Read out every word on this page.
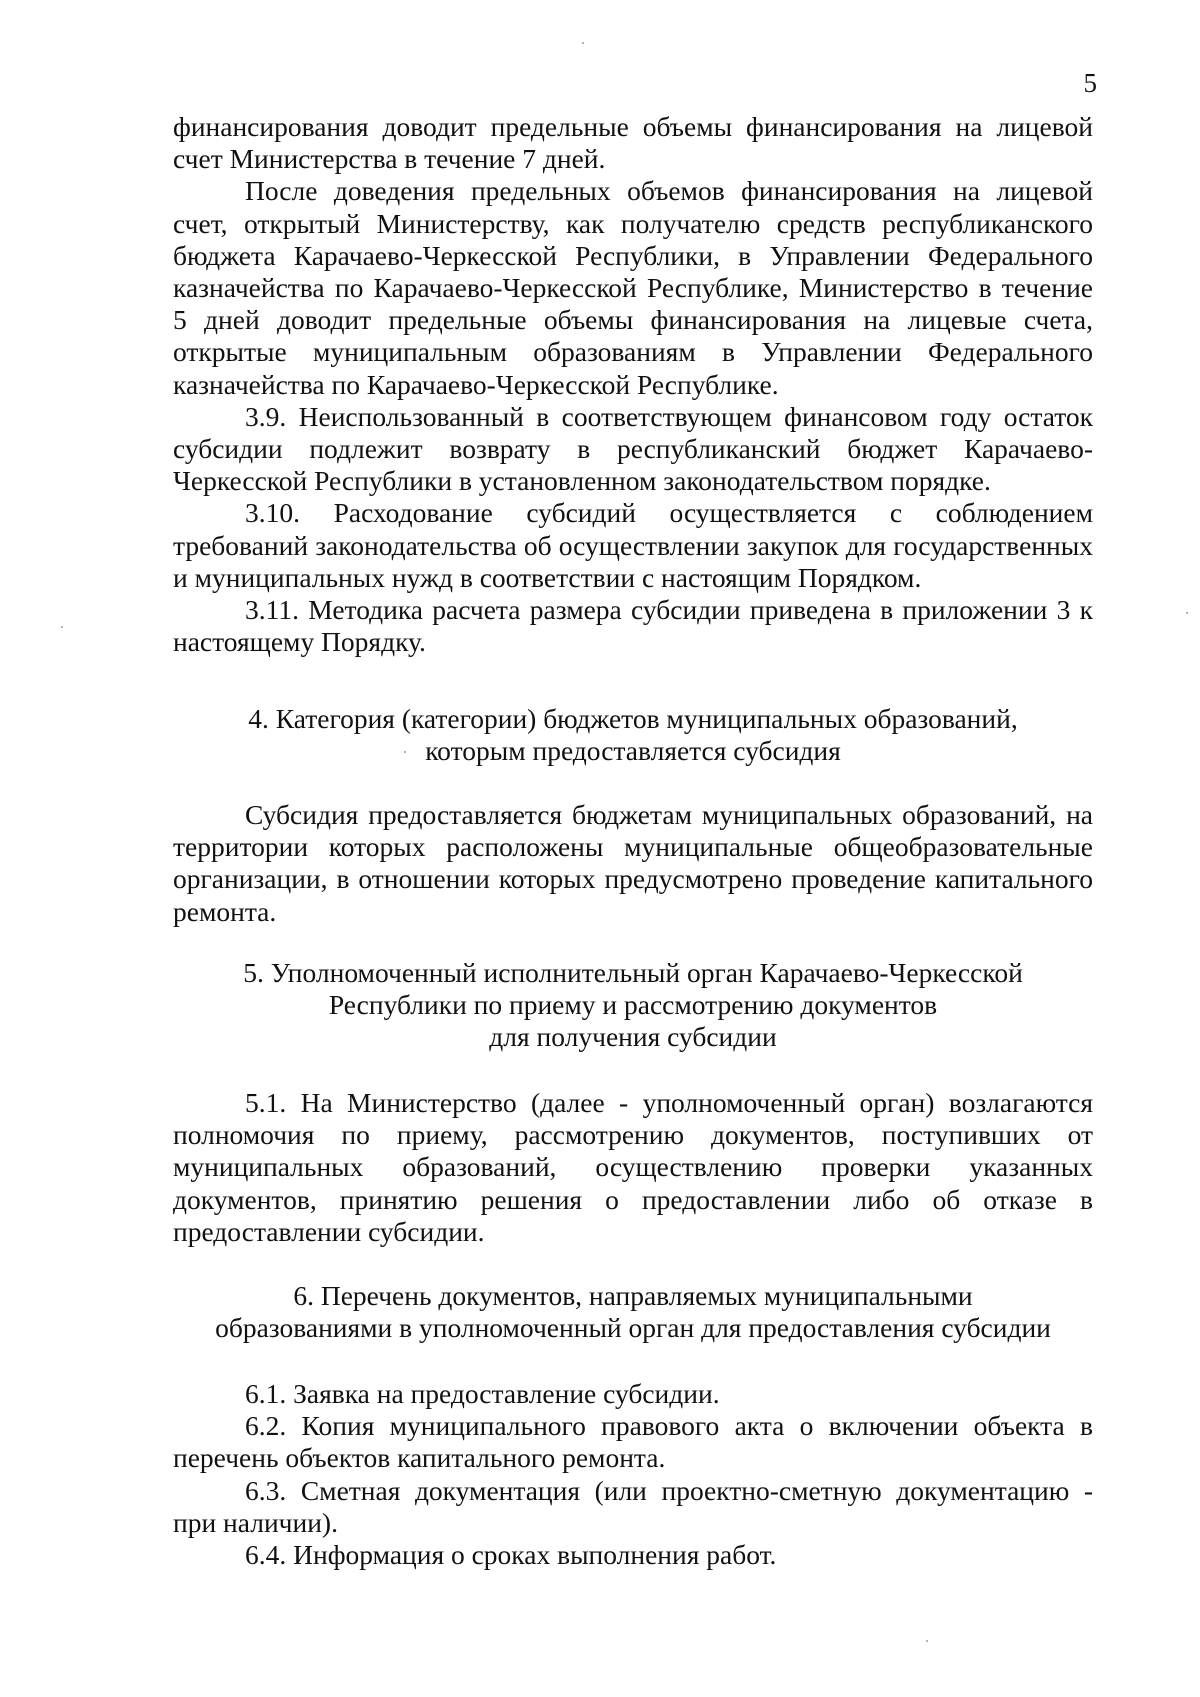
5

финансирования доводит предельные объемы финансирования на лицевой счет Министерства в течение 7 дней.

После доведения предельных объемов финансирования на лицевой счет, открытый Министерству, как получателю средств республиканского бюджета Карачаево-Черкесской Республики, в Управлении Федерального казначейства по Карачаево-Черкесской Республике, Министерство в течение 5 дней доводит предельные объемы финансирования на лицевые счета, открытые муниципальным образованиям в Управлении Федерального казначейства по Карачаево-Черкесской Республике.

3.9. Неиспользованный в соответствующем финансовом году остаток субсидии подлежит возврату в республиканский бюджет Карачаево-Черкесской Республики в установленном законодательством порядке.

3.10. Расходование субсидий осуществляется с соблюдением требований законодательства об осуществлении закупок для государственных и муниципальных нужд в соответствии с настоящим Порядком.

3.11. Методика расчета размера субсидии приведена в приложении 3 к настоящему Порядку.

4. Категория (категории) бюджетов муниципальных образований,

которым предоставляется субсидия

Субсидия предоставляется бюджетам муниципальных образований, на территории которых расположены муниципальные общеобразовательные организации, в отношении которых предусмотрено проведение капитального ремонта.

5. Уполномоченный исполнительный орган Карачаево-Черкесской

Республики по приему и рассмотрению документов

для получения субсидии

5.1. На Министерство (далее - уполномоченный орган) возлагаются полномочия по приему, рассмотрению документов, поступивших от муниципальных образований, осуществлению проверки указанных документов, принятию решения о предоставлении либо об отказе в предоставлении субсидии.

6. Перечень документов, направляемых муниципальными

образованиями в уполномоченный орган для предоставления субсидии

6.1. Заявка на предоставление субсидии.

6.2. Копия муниципального правового акта о включении объекта в перечень объектов капитального ремонта.

6.3. Сметная документация (или проектно-сметную документацию - при наличии).

6.4. Информация о сроках выполнения работ.
